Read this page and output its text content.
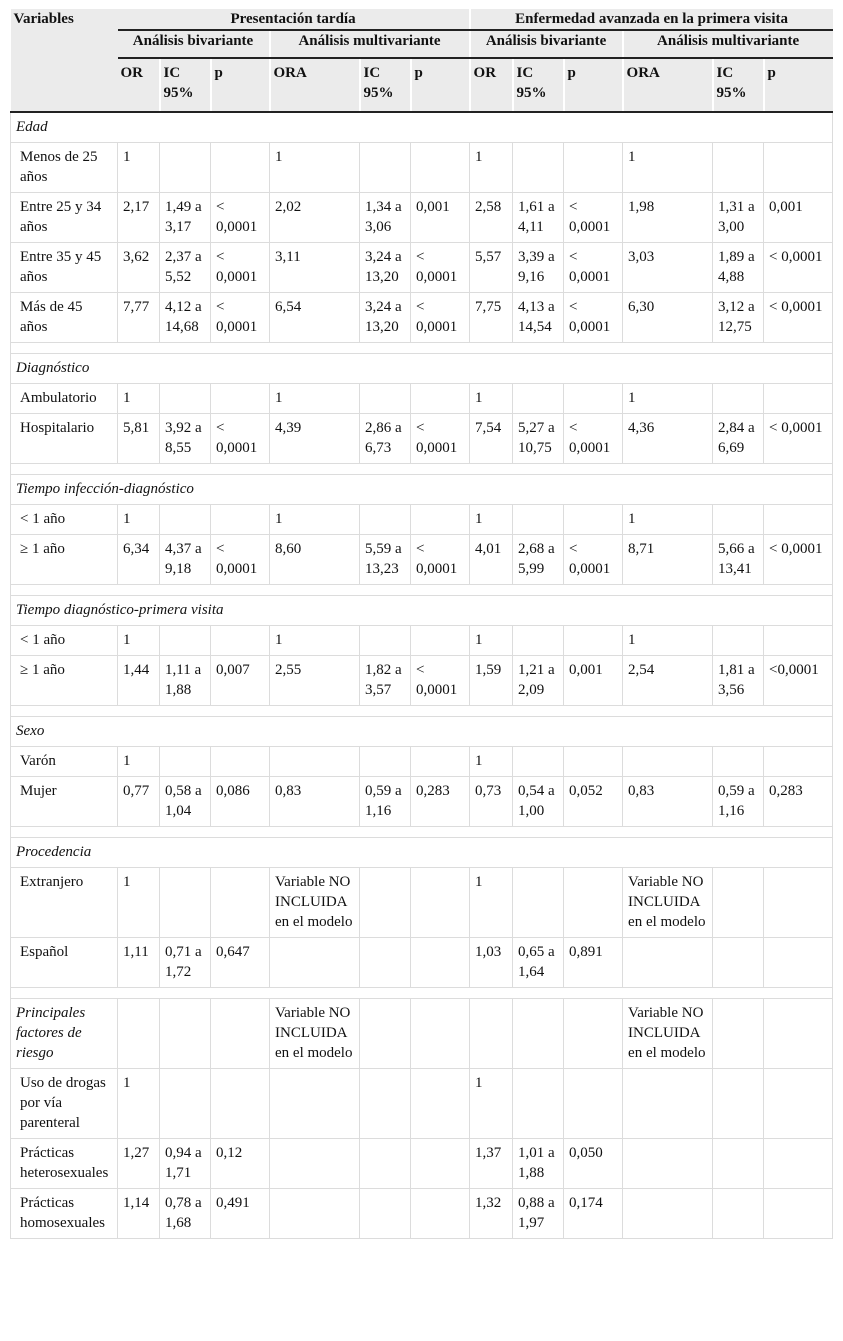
Variables	Presentación tardía						Enfermedad avanzada en la primera visita					
	Análisis bivariante			Análisis multivariante			Análisis bivariante			Análisis multivariante		
	OR	IC 95%	p	ORA	IC 95%	p	OR	IC 95%	p	ORA	IC 95%	p
Edad												
Menos de 25 años	1			1			1			1		
Entre 25 y 34 años	2,17	1,49 a 3,17	< 0,0001	2,02	1,34 a 3,06	0,001	2,58	1,61 a 4,11	< 0,0001	1,98	1,31 a 3,00	0,001
Entre 35 y 45 años	3,62	2,37 a 5,52	< 0,0001	3,11	3,24 a 13,20	< 0,0001	5,57	3,39 a 9,16	< 0,0001	3,03	1,89 a 4,88	< 0,0001
Más de 45 años	7,77	4,12 a 14,68	< 0,0001	6,54	3,24 a 13,20	< 0,0001	7,75	4,13 a 14,54	< 0,0001	6,30	3,12 a 12,75	< 0,0001

Diagnóstico												
Ambulatorio	1			1			1			1		
Hospitalario	5,81	3,92 a 8,55	< 0,0001	4,39	2,86 a 6,73	< 0,0001	7,54	5,27 a 10,75	< 0,0001	4,36	2,84 a 6,69	< 0,0001

Tiempo infección-diagnóstico												
< 1 año	1			1			1			1		
≥ 1 año	6,34	4,37 a 9,18	< 0,0001	8,60	5,59 a 13,23	< 0,0001	4,01	2,68 a 5,99	< 0,0001	8,71	5,66 a 13,41	< 0,0001

Tiempo diagnóstico-primera visita												
< 1 año	1			1			1			1		
≥ 1 año	1,44	1,11 a 1,88	0,007	2,55	1,82 a 3,57	< 0,0001	1,59	1,21 a 2,09	0,001	2,54	1,81 a 3,56	<0,0001

Sexo												
Varón	1						1					
Mujer	0,77	0,58 a 1,04	0,086	0,83	0,59 a 1,16	0,283	0,73	0,54 a 1,00	0,052	0,83	0,59 a 1,16	0,283

Procedencia												
Extranjero	1			Variable NO INCLUIDA en el modelo			1			Variable NO INCLUIDA en el modelo		
Español	1,11	0,71 a 1,72	0,647				1,03	0,65 a 1,64	0,891			

Principales factores de riesgo				Variable NO INCLUIDA en el modelo						Variable NO INCLUIDA en el modelo		
Uso de drogas por vía parenteral	1						1					
Prácticas heterosexuales	1,27	0,94 a 1,71	0,12				1,37	1,01 a 1,88	0,050			
Prácticas homosexuales	1,14	0,78 a 1,68	0,491				1,32	0,88 a 1,97	0,174			
